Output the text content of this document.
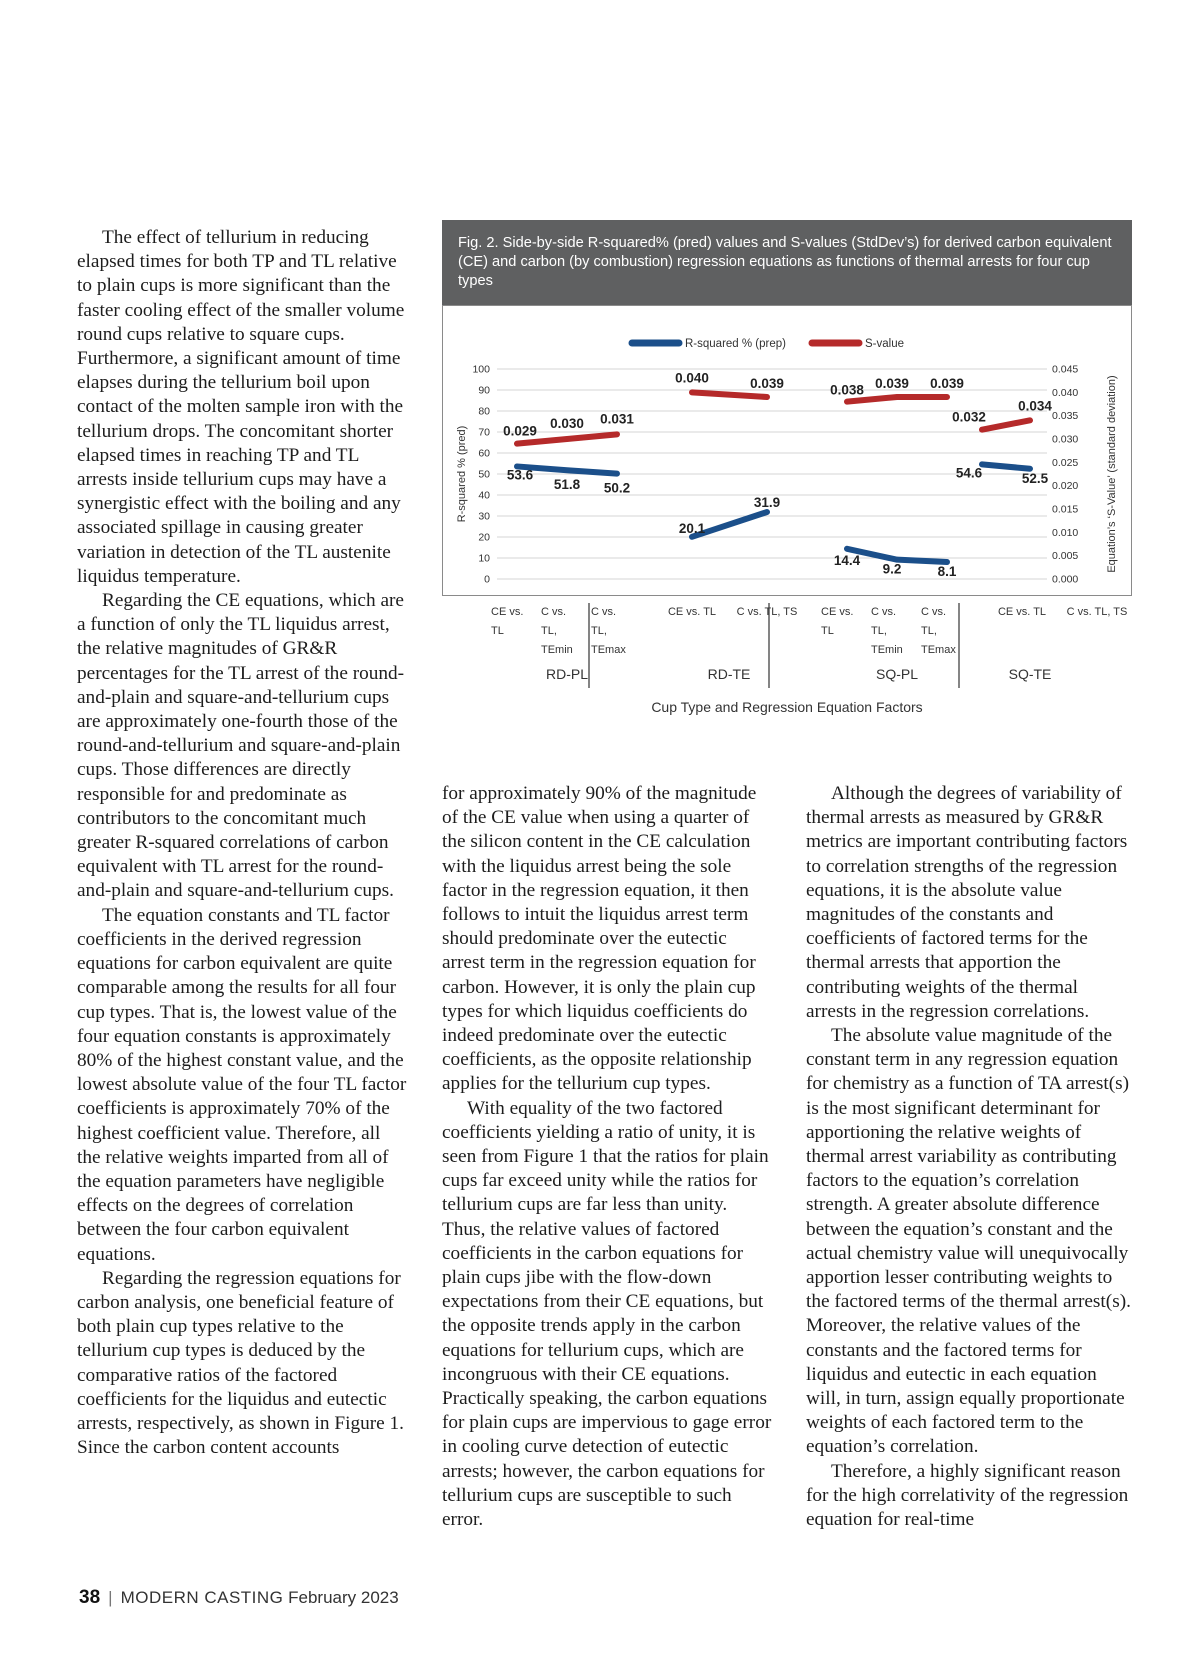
The effect of tellurium in reducing elapsed times for both TP and TL relative to plain cups is more significant than the faster cooling effect of the smaller volume round cups relative to square cups. Furthermore, a significant amount of time elapses during the tellurium boil upon contact of the molten sample iron with the tellurium drops. The concomitant shorter elapsed times in reaching TP and TL arrests inside tellurium cups may have a synergistic effect with the boiling and any associated spillage in causing greater variation in detection of the TL austenite liquidus temperature.

Regarding the CE equations, which are a function of only the TL liquidus arrest, the relative magnitudes of GR&R percentages for the TL arrest of the round-and-plain and square-and-tellurium cups are approximately one-fourth those of the round-and-tellurium and square-and-plain cups. Those differences are directly responsible for and predominate as contributors to the concomitant much greater R-squared correlations of carbon equivalent with TL arrest for the round-and-plain and square-and-tellurium cups.

The equation constants and TL factor coefficients in the derived regression equations for carbon equivalent are quite comparable among the results for all four cup types. That is, the lowest value of the four equation constants is approximately 80% of the highest constant value, and the lowest absolute value of the four TL factor coefficients is approximately 70% of the highest coefficient value. Therefore, all the relative weights imparted from all of the equation parameters have negligible effects on the degrees of correlation between the four carbon equivalent equations.

Regarding the regression equations for carbon analysis, one beneficial feature of both plain cup types relative to the tellurium cup types is deduced by the comparative ratios of the factored coefficients for the liquidus and eutectic arrests, respectively, as shown in Figure 1. Since the carbon content accounts

Fig. 2. Side-by-side R-squared% (pred) values and S-values (StdDev’s) for derived carbon equivalent (CE) and carbon (by combustion) regression equations as functions of thermal arrests for four cup types
0
10
20
30
40
50
60
70
80
90
100
0.000
0.005
0.010
0.015
0.020
0.025
0.030
0.035
0.040
0.045
R-squared % (pred)	Equation’s ‘S-Value’ (standard deviation)
R-squared % (prep)	S-value
53.6
51.8 50.2
0.029
0.030 0.031
CE vs.
TL
C vs.
TL,
TEmin
C vs.
TL,
TEmax
RD-PL
20.1
31.9
0.040	0.039
CE vs. TL C vs. TL, TS
RD-TE
14.4
9.2	8.1
0.038 0.039 0.039
CE vs.
TL
C vs.
TL,
TEmin
C vs.
TL,
TEmax
SQ-PL
54.6	52.5
0.032
0.034
CE vs. TL C vs. TL, TS
SQ-TE
Cup Type and Regression Equation Factors

for approximately 90% of the magnitude of the CE value when using a quarter of the silicon content in the CE calculation with the liquidus arrest being the sole factor in the regression equation, it then follows to intuit the liquidus arrest term should predominate over the eutectic arrest term in the regression equation for carbon. However, it is only the plain cup types for which liquidus coefficients do indeed predominate over the eutectic coefficients, as the opposite relationship applies for the tellurium cup types.

With equality of the two factored coefficients yielding a ratio of unity, it is seen from Figure 1 that the ratios for plain cups far exceed unity while the ratios for tellurium cups are far less than unity. Thus, the relative values of factored coefficients in the carbon equations for plain cups jibe with the flow-down expectations from their CE equations, but the opposite trends apply in the carbon equations for tellurium cups, which are incongruous with their CE equations. Practically speaking, the carbon equations for plain cups are impervious to gage error in cooling curve detection of eutectic arrests; however, the carbon equations for tellurium cups are susceptible to such error.

Although the degrees of variability of thermal arrests as measured by GR&R metrics are important contributing factors to correlation strengths of the regression equations, it is the absolute value magnitudes of the constants and coefficients of factored terms for the thermal arrests that apportion the contributing weights of the thermal arrests in the regression correlations.

The absolute value magnitude of the constant term in any regression equation for chemistry as a function of TA arrest(s) is the most significant determinant for apportioning the relative weights of thermal arrest variability as contributing factors to the equation’s correlation strength. A greater absolute difference between the equation’s constant and the actual chemistry value will unequivocally apportion lesser contributing weights to the factored terms of the thermal arrest(s). Moreover, the relative values of the constants and the factored terms for liquidus and eutectic in each equation will, in turn, assign equally proportionate weights of each factored term to the equation’s correlation.

Therefore, a highly significant reason for the high correlativity of the regression equation for real-time

38 | MODERN CASTING February 2023
